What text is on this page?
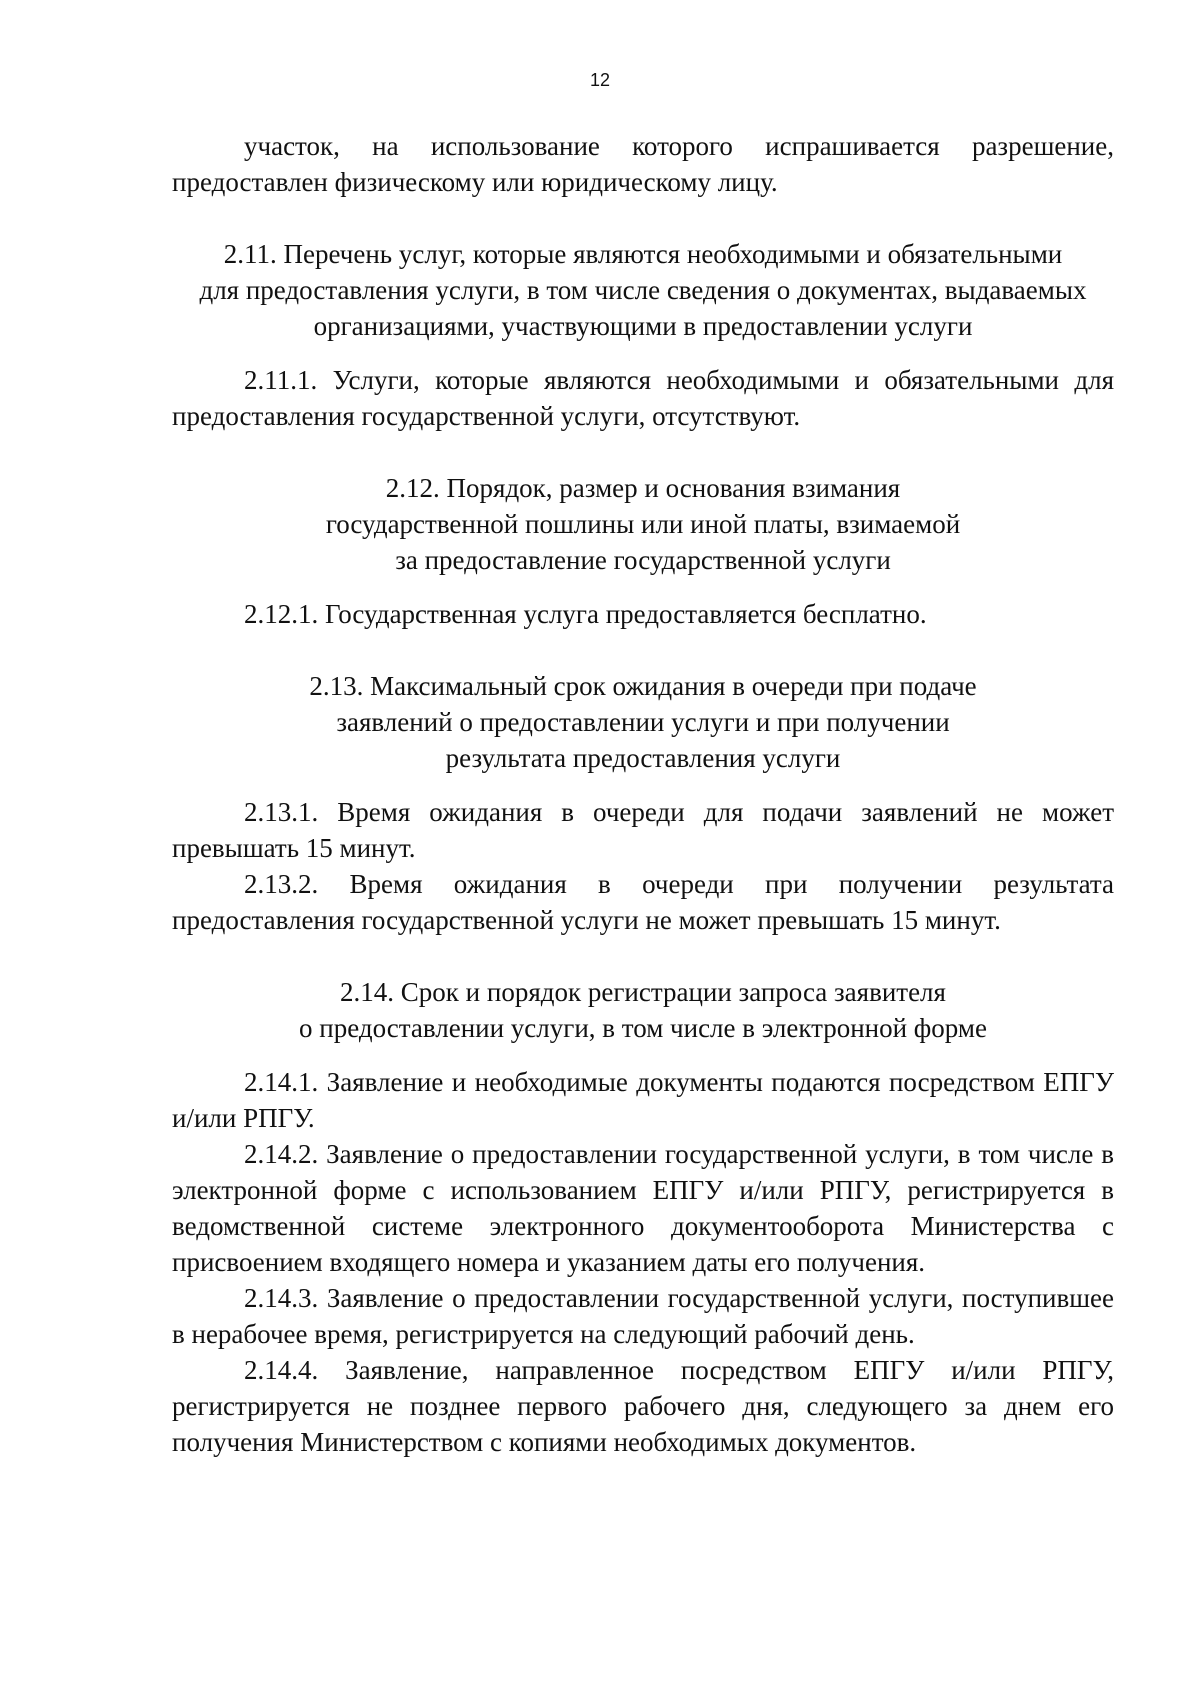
12

участок, на использование которого испрашивается разрешение, предоставлен физическому или юридическому лицу.

2.11. Перечень услуг, которые являются необходимыми и обязательными
для предоставления услуги, в том числе сведения о документах, выдаваемых
организациями, участвующими в предоставлении услуги

2.11.1. Услуги, которые являются необходимыми и обязательными для предоставления государственной услуги, отсутствуют.

2.12. Порядок, размер и основания взимания
государственной пошлины или иной платы, взимаемой
за предоставление государственной услуги

2.12.1. Государственная услуга предоставляется бесплатно.

2.13. Максимальный срок ожидания в очереди при подаче
заявлений о предоставлении услуги и при получении
результата предоставления услуги

2.13.1. Время ожидания в очереди для подачи заявлений не может превышать 15 минут.

2.13.2. Время ожидания в очереди при получении результата предоставления государственной услуги не может превышать 15 минут.

2.14. Срок и порядок регистрации запроса заявителя
о предоставлении услуги, в том числе в электронной форме

2.14.1. Заявление и необходимые документы подаются посредством ЕПГУ и/или РПГУ.

2.14.2. Заявление о предоставлении государственной услуги, в том числе в электронной форме с использованием ЕПГУ и/или РПГУ, регистрируется в ведомственной системе электронного документооборота Министерства с присвоением входящего номера и указанием даты его получения.

2.14.3. Заявление о предоставлении государственной услуги, поступившее в нерабочее время, регистрируется на следующий рабочий день.

2.14.4. Заявление, направленное посредством ЕПГУ и/или РПГУ, регистрируется не позднее первого рабочего дня, следующего за днем его получения Министерством с копиями необходимых документов.
